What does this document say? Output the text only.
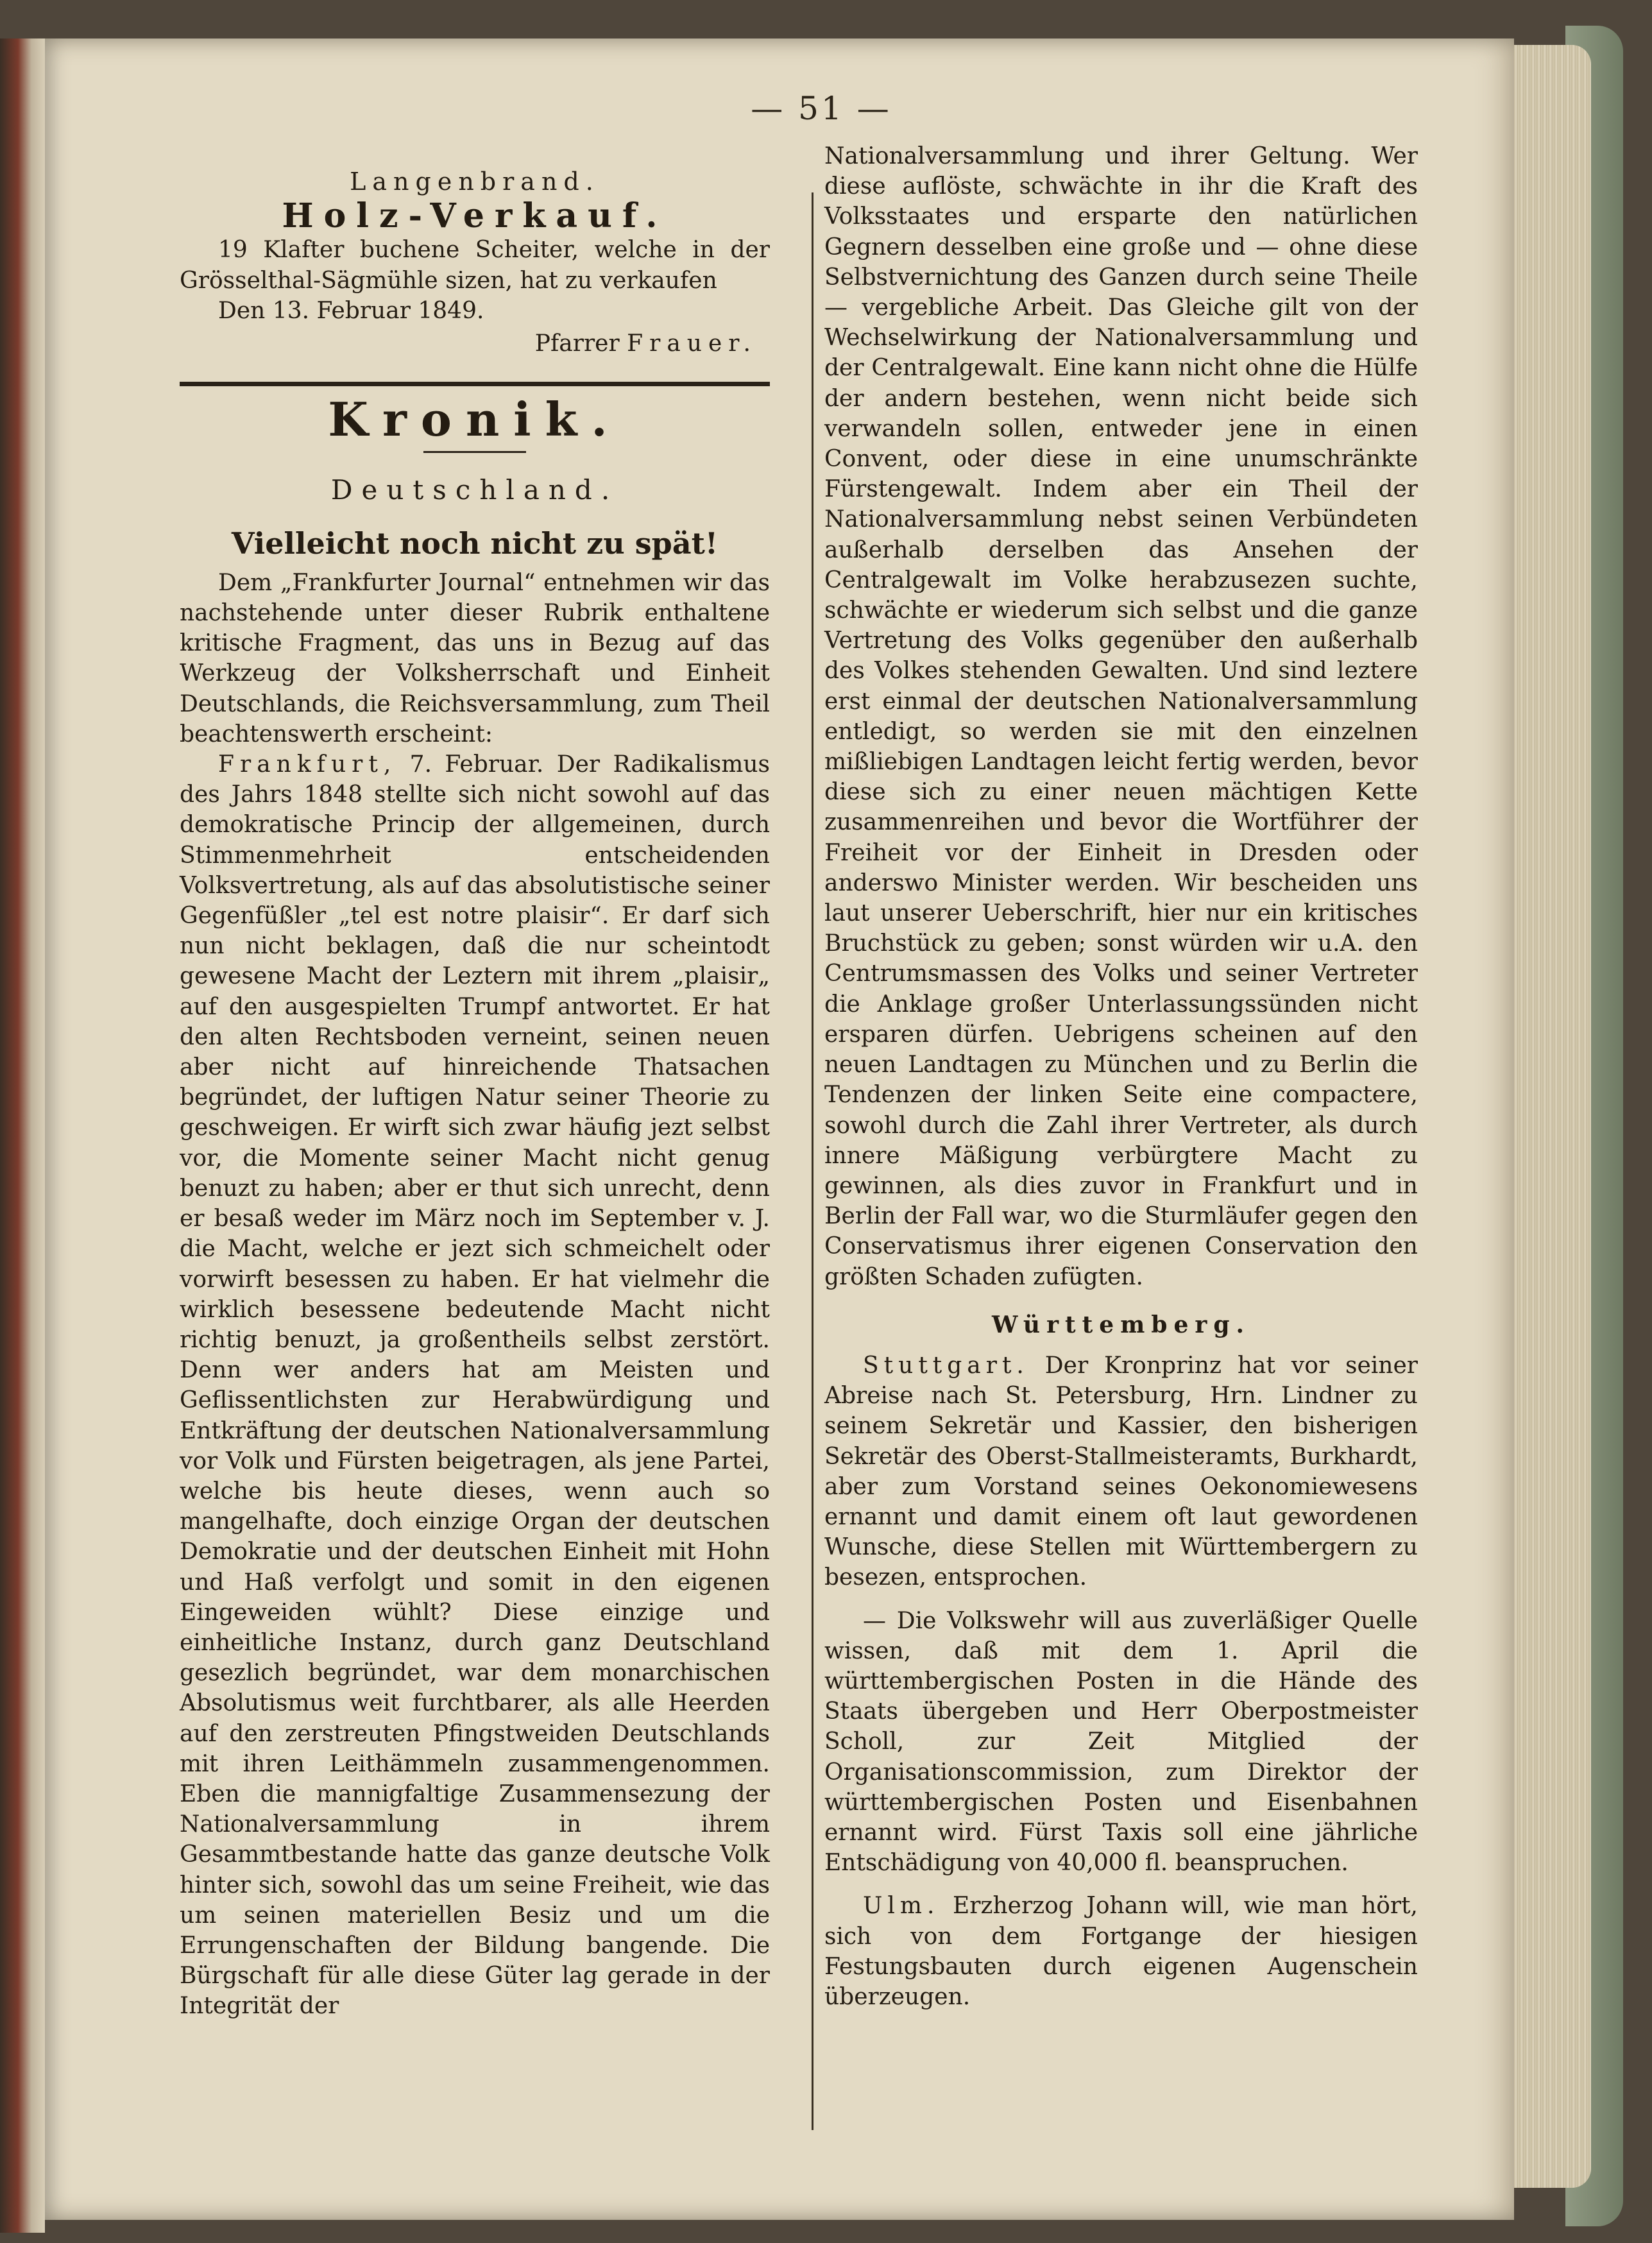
— 51 —
Langenbrand.
Holz-Verkauf.

19 Klafter buchene Scheiter, welche in der Grösselthal-Sägmühle sizen, hat zu verkaufen

Den 13. Februar 1849.

Pfarrer Frauer.
Kronik.
Deutschland.
Vielleicht noch nicht zu spät!

Dem „Frankfurter Journal“ entnehmen wir das nachstehende unter dieser Rubrik enthaltene kritische Fragment, das uns in Bezug auf das Werkzeug der Volksherrschaft und Einheit Deutschlands, die Reichsversammlung, zum Theil beachtenswerth erscheint:

Frankfurt, 7. Februar. Der Radikalismus des Jahrs 1848 stellte sich nicht sowohl auf das demokratische Princip der allgemeinen, durch Stimmenmehrheit entscheidenden Volksvertretung, als auf das absolutistische seiner Gegenfüßler „tel est notre plaisir“. Er darf sich nun nicht beklagen, daß die nur scheintodt gewesene Macht der Leztern mit ihrem „plaisir„ auf den ausgespielten Trumpf antwortet. Er hat den alten Rechtsboden verneint, seinen neuen aber nicht auf hinreichende Thatsachen begründet, der luftigen Natur seiner Theorie zu geschweigen. Er wirft sich zwar häufig jezt selbst vor, die Momente seiner Macht nicht genug benuzt zu haben; aber er thut sich unrecht, denn er besaß weder im März noch im September v. J. die Macht, welche er jezt sich schmeichelt oder vorwirft besessen zu haben. Er hat vielmehr die wirklich besessene bedeutende Macht nicht richtig benuzt, ja großentheils selbst zerstört. Denn wer anders hat am Meisten und Geflissentlichsten zur Herabwürdigung und Entkräftung der deutschen Nationalversammlung vor Volk und Fürsten beigetragen, als jene Partei, welche bis heute dieses, wenn auch so mangelhafte, doch einzige Organ der deutschen Demokratie und der deutschen Einheit mit Hohn und Haß verfolgt und somit in den eigenen Eingeweiden wühlt? Diese einzige und einheitliche Instanz, durch ganz Deutschland gesezlich begründet, war dem monarchischen Absolutismus weit furchtbarer, als alle Heerden auf den zerstreuten Pfingstweiden Deutschlands mit ihren Leithämmeln zusammengenommen. Eben die mannigfaltige Zusammensezung der Nationalversammlung in ihrem Gesammtbestande hatte das ganze deutsche Volk hinter sich, sowohl das um seine Freiheit, wie das um seinen materiellen Besiz und um die Errungenschaften der Bildung bangende. Die Bürgschaft für alle diese Güter lag gerade in der Integrität der

Nationalversammlung und ihrer Geltung. Wer diese auflöste, schwächte in ihr die Kraft des Volksstaates und ersparte den natürlichen Gegnern desselben eine große und — ohne diese Selbstvernichtung des Ganzen durch seine Theile — vergebliche Arbeit. Das Gleiche gilt von der Wechselwirkung der Nationalversammlung und der Centralgewalt. Eine kann nicht ohne die Hülfe der andern bestehen, wenn nicht beide sich verwandeln sollen, entweder jene in einen Convent, oder diese in eine unumschränkte Fürstengewalt. Indem aber ein Theil der Nationalversammlung nebst seinen Verbündeten außerhalb derselben das Ansehen der Centralgewalt im Volke herabzusezen suchte, schwächte er wiederum sich selbst und die ganze Vertretung des Volks gegenüber den außerhalb des Volkes stehenden Gewalten. Und sind leztere erst einmal der deutschen Nationalversammlung entledigt, so werden sie mit den einzelnen mißliebigen Landtagen leicht fertig werden, bevor diese sich zu einer neuen mächtigen Kette zusammenreihen und bevor die Wortführer der Freiheit vor der Einheit in Dresden oder anderswo Minister werden. Wir bescheiden uns laut unserer Ueberschrift, hier nur ein kritisches Bruchstück zu geben; sonst würden wir u.A. den Centrumsmassen des Volks und seiner Vertreter die Anklage großer Unterlassungssünden nicht ersparen dürfen. Uebrigens scheinen auf den neuen Landtagen zu München und zu Berlin die Tendenzen der linken Seite eine compactere, sowohl durch die Zahl ihrer Vertreter, als durch innere Mäßigung verbürgtere Macht zu gewinnen, als dies zuvor in Frankfurt und in Berlin der Fall war, wo die Sturmläufer gegen den Conservatismus ihrer eigenen Conservation den größten Schaden zufügten.

Württemberg.

Stuttgart. Der Kronprinz hat vor seiner Abreise nach St. Petersburg, Hrn. Lindner zu seinem Sekretär und Kassier, den bisherigen Sekretär des Oberst-Stallmeisteramts, Burkhardt, aber zum Vorstand seines Oekonomiewesens ernannt und damit einem oft laut gewordenen Wunsche, diese Stellen mit Württembergern zu besezen, entsprochen.

— Die Volkswehr will aus zuverläßiger Quelle wissen, daß mit dem 1. April die württembergischen Posten in die Hände des Staats übergeben und Herr Oberpostmeister Scholl, zur Zeit Mitglied der Organisationscommission, zum Direktor der württembergischen Posten und Eisenbahnen ernannt wird. Fürst Taxis soll eine jährliche Entschädigung von 40,000 fl. beanspruchen.

Ulm. Erzherzog Johann will, wie man hört, sich von dem Fortgange der hiesigen Festungsbauten durch eigenen Augenschein überzeugen.
